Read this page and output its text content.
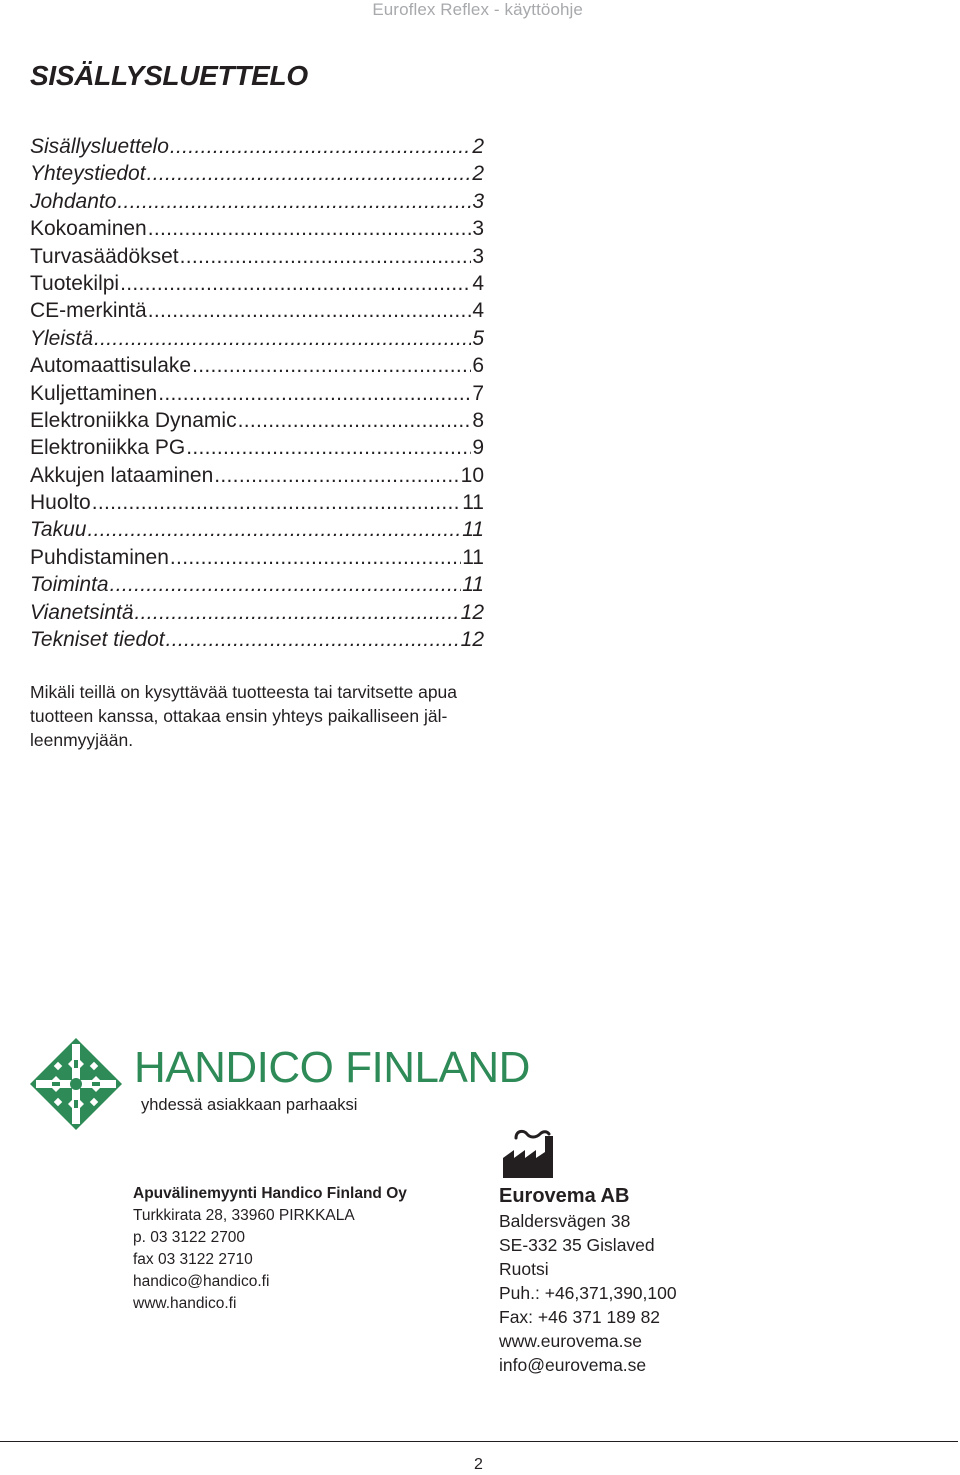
Euroflex Reflex - käyttöohje
SISÄLLYSLUETTELO
Sisällysluettelo .....	2
Yhteystiedot .....	2
Johdanto .....	3
Kokoaminen .....	3
Turvasäädökset .....	3
Tuotekilpi .....	4
CE-merkintä .....	4
Yleistä .....	5
Automaattisulake .....	6
Kuljettaminen .....	7
Elektroniikka Dynamic .....	8
Elektroniikka PG .....	9
Akkujen lataaminen .....	10
Huolto .....	11
Takuu .....	11
Puhdistaminen .....	11
Toiminta .....	11
Vianetsintä .....	12
Tekniset tiedot .....	12

Mikäli teillä on kysyttävää tuotteesta tai tarvitsette apua tuotteen kanssa, ottakaa ensin yhteys paikalliseen jäl-leenmyyjään.

HANDICO FINLAND
yhdessä asiakkaan parhaaksi
Apuvälinemyynti Handico Finland Oy
Turkkirata 28, 33960 PIRKKALA
p. 03 3122 2700
fax 03 3122 2710
handico@handico.fi
www.handico.fi
Eurovema AB
Baldersvägen 38
SE-332 35 Gislaved
Ruotsi
Puh.: +46,371,390,100
Fax: +46 371 189 82
www.eurovema.se
info@eurovema.se
2
